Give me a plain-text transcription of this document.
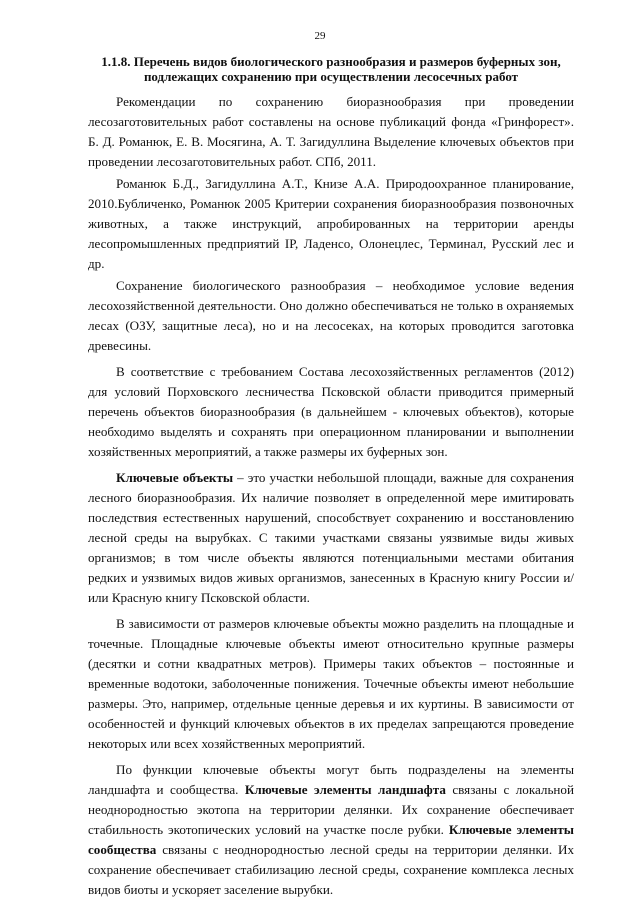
29
1.1.8. Перечень видов биологического разнообразия и размеров буферных зон,
подлежащих сохранению при осуществлении лесосечных работ

Рекомендации по сохранению биоразнообразия при проведении лесозаготовительных работ составлены на основе публикаций фонда «Гринфорест». Б. Д. Романюк, Е. В. Мосягина, А. Т. Загидуллина Выделение ключевых объектов при проведении лесозаготовительных работ. СПб, 2011.

Романюк Б.Д., Загидуллина А.Т., Книзе А.А. Природоохранное планирование, 2010.Бубличенко, Романюк 2005 Критерии сохранения биоразнообразия позвоночных животных, а также инструкций, апробированных на территории аренды лесопромышленных предприятий IP, Ладенсо, Олонецлес, Терминал, Русский лес и др.

Сохранение биологического разнообразия – необходимое условие ведения лесохозяйственной деятельности. Оно должно обеспечиваться не только в охраняемых лесах (ОЗУ, защитные леса), но и на лесосеках, на которых проводится заготовка древесины.

В соответствие с требованием Состава лесохозяйственных регламентов (2012) для условий Порховского лесничества Псковской области приводится примерный перечень объектов биоразнообразия (в дальнейшем - ключевых объектов), которые необходимо выделять и сохранять при операционном планировании и выполнении хозяйственных мероприятий, а также размеры их буферных зон.

Ключевые объекты – это участки небольшой площади, важные для сохранения лесного биоразнообразия. Их наличие позволяет в определенной мере имитировать последствия естественных нарушений, способствует сохранению и восстановлению лесной среды на вырубках. С такими участками связаны уязвимые виды живых организмов; в том числе объекты являются потенциальными местами обитания редких и уязвимых видов живых организмов, занесенных в Красную книгу России и/или Красную книгу Псковской области.

В зависимости от размеров ключевые объекты можно разделить на площадные и точечные. Площадные ключевые объекты имеют относительно крупные размеры (десятки и сотни квадратных метров). Примеры таких объектов – постоянные и временные водотоки, заболоченные понижения. Точечные объекты имеют небольшие размеры. Это, например, отдельные ценные деревья и их куртины. В зависимости от особенностей и функций ключевых объектов в их пределах запрещаются проведение некоторых или всех хозяйственных мероприятий.

По функции ключевые объекты могут быть подразделены на элементы ландшафта и сообщества. Ключевые элементы ландшафта связаны с локальной неоднородностью экотопа на территории делянки. Их сохранение обеспечивает стабильность экотопических условий на участке после рубки. Ключевые элементы сообщества связаны с неоднородностью лесной среды на территории делянки. Их сохранение обеспечивает стабилизацию лесной среды, сохранение комплекса лесных видов биоты и ускоряет заселение вырубки.
